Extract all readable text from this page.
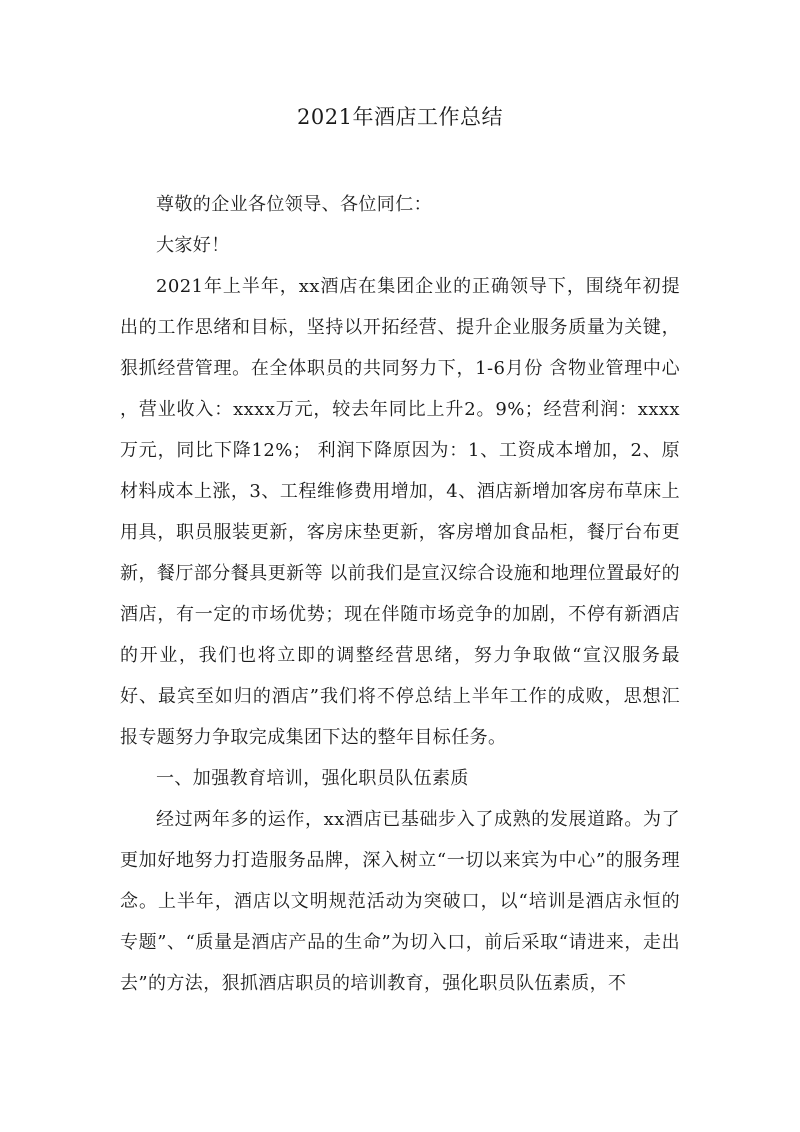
2021年酒店工作总结

尊敬的企业各位领导、各位同仁：

大家好！

2021年上半年，xx酒店在集团企业的正确领导下，围绕年初提出的工作思绪和目标，坚持以开拓经营、提升企业服务质量为关键，狠抓经营管理。在全体职员的共同努力下，1-6月份 含物业管理中心 ，营业收入：xxxx万元，较去年同比上升2。9%；经营利润：xxxx万元，同比下降12%； 利润下降原因为：1、工资成本增加，2、原材料成本上涨，3、工程维修费用增加，4、酒店新增加客房布草床上用具，职员服装更新，客房床垫更新，客房增加食品柜，餐厅台布更新，餐厅部分餐具更新等 以前我们是宣汉综合设施和地理位置最好的酒店，有一定的市场优势；现在伴随市场竞争的加剧，不停有新酒店的开业，我们也将立即的调整经营思绪，努力争取做“宣汉服务最好、最宾至如归的酒店”我们将不停总结上半年工作的成败，思想汇报专题努力争取完成集团下达的整年目标任务。

一、加强教育培训，强化职员队伍素质

经过两年多的运作，xx酒店已基础步入了成熟的发展道路。为了更加好地努力打造服务品牌，深入树立“一切以来宾为中心”的服务理念。上半年，酒店以文明规范活动为突破口，以“培训是酒店永恒的专题”、“质量是酒店产品的生命”为切入口，前后采取“请进来，走出去”的方法，狠抓酒店职员的培训教育，强化职员队伍素质，不
